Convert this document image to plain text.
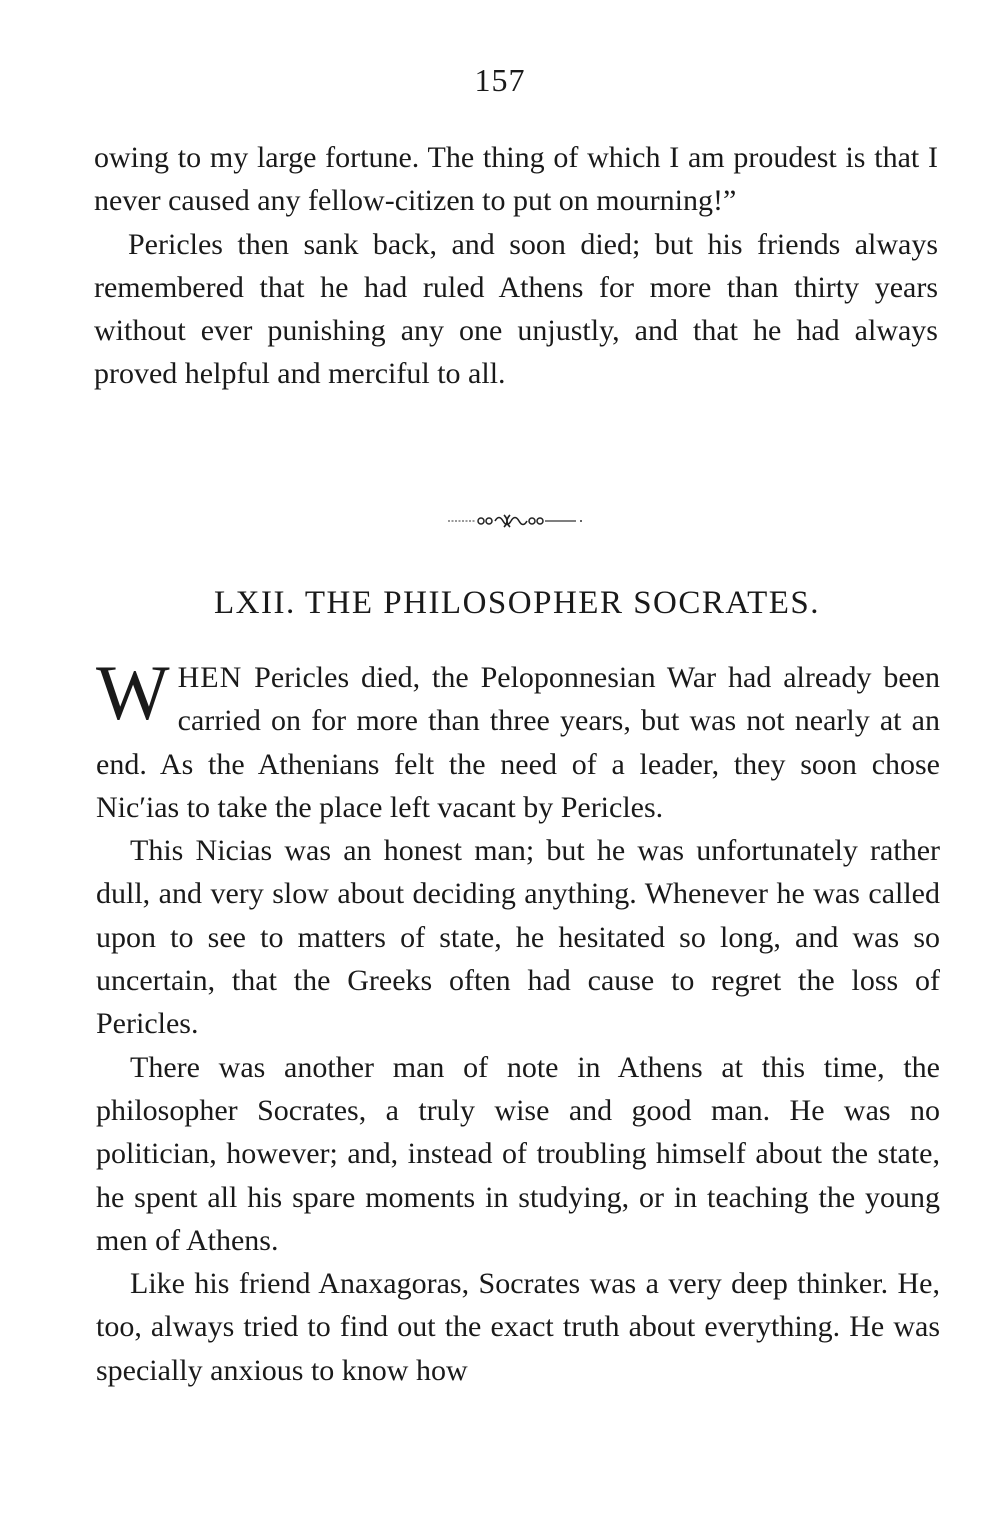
157

owing to my large fortune. The thing of which I am proudest is that I never caused any fellow-citizen to put on mourning!”

Pericles then sank back, and soon died; but his friends always remembered that he had ruled Athens for more than thirty years without ever punishing any one unjustly, and that he had always proved helpful and merciful to all.

LXII. THE PHILOSOPHER SOCRATES.

WHEN Pericles died, the Peloponnesian War had already been carried on for more than three years, but was not nearly at an end. As the Athenians felt the need of a leader, they soon chose Nic′ias to take the place left vacant by Pericles.

This Nicias was an honest man; but he was unfortunately rather dull, and very slow about deciding anything. Whenever he was called upon to see to matters of state, he hesitated so long, and was so uncertain, that the Greeks often had cause to regret the loss of Pericles.

There was another man of note in Athens at this time, the philosopher Socrates, a truly wise and good man. He was no politician, however; and, instead of troubling himself about the state, he spent all his spare moments in studying, or in teaching the young men of Athens.

Like his friend Anaxagoras, Socrates was a very deep thinker. He, too, always tried to find out the exact truth about everything. He was specially anxious to know how
